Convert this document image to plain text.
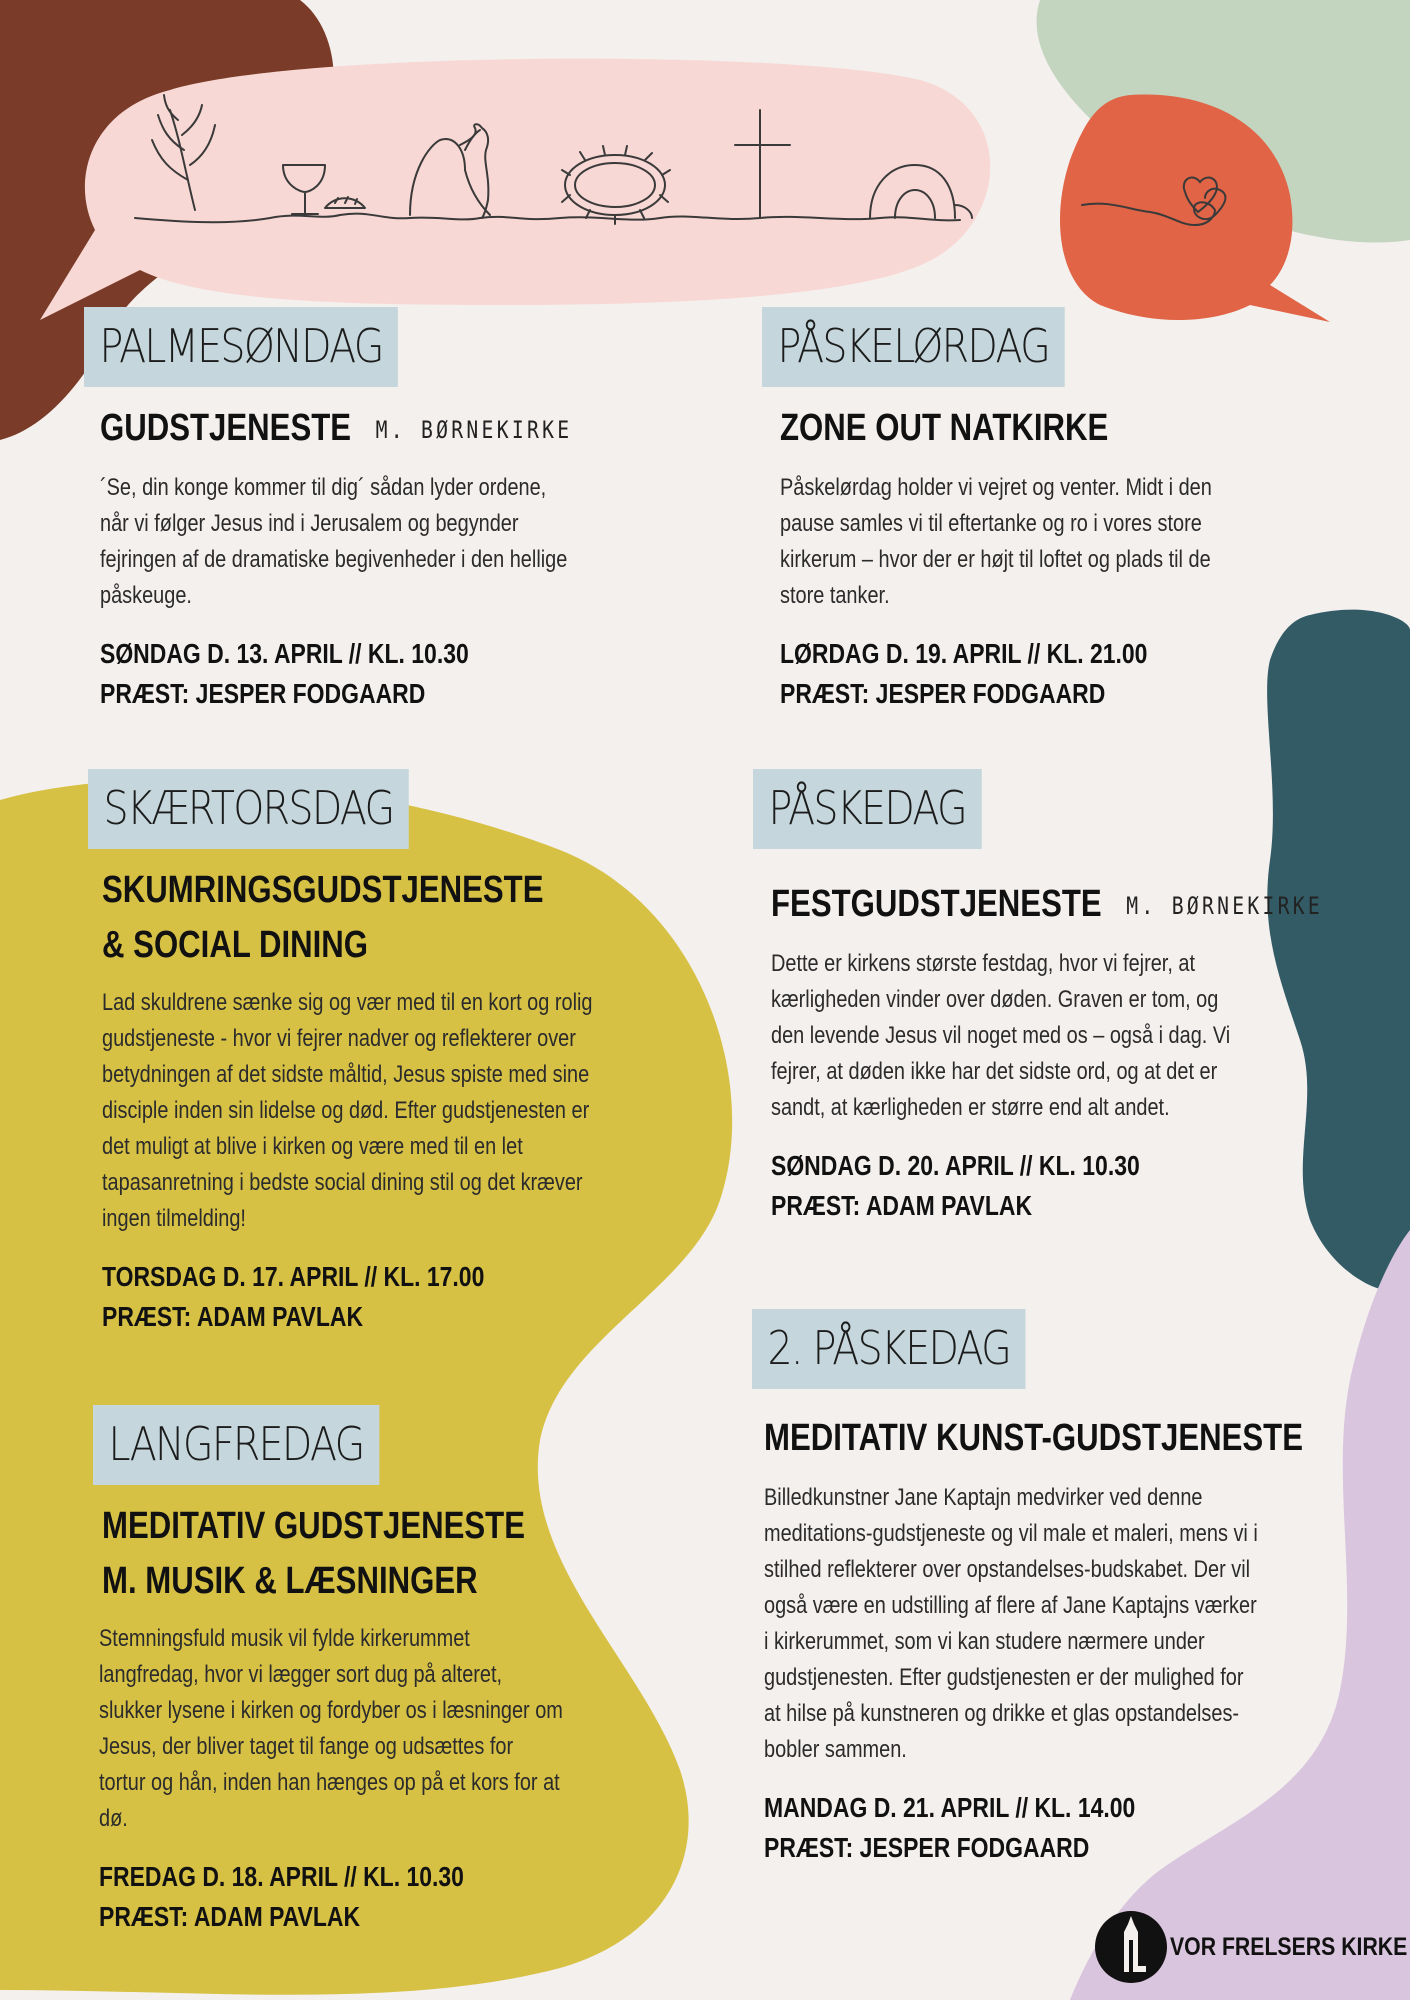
PALMESØNDAG
GUDSTJENESTE M. BØRNEKIRKE

´Se, din konge kommer til dig´ sådan lyder ordene, når vi følger Jesus ind i Jerusalem og begynder fejringen af de dramatiske begivenheder i den hellige påskeuge.

SØNDAG D. 13. APRIL // KL. 10.30
PRÆST: JESPER FODGAARD
PÅSKELØRDAG
ZONE OUT NATKIRKE

Påskelørdag holder vi vejret og venter. Midt i den pause samles vi til eftertanke og ro i vores store kirkerum – hvor der er højt til loftet og plads til de store tanker.

LØRDAG D. 19. APRIL // KL. 21.00
PRÆST: JESPER FODGAARD
SKÆRTORSDAG
SKUMRINGSGUDSTJENESTE
& SOCIAL DINING

Lad skuldrene sænke sig og vær med til en kort og rolig gudstjeneste - hvor vi fejrer nadver og reflekterer over betydningen af det sidste måltid, Jesus spiste med sine disciple inden sin lidelse og død. Efter gudstjenesten er det muligt at blive i kirken og være med til en let tapasanretning i bedste social dining stil og det kræver ingen tilmelding!

TORSDAG D. 17. APRIL // KL. 17.00
PRÆST: ADAM PAVLAK
PÅSKEDAG
FESTGUDSTJENESTE M. BØRNEKIRKE

Dette er kirkens største festdag, hvor vi fejrer, at kærligheden vinder over døden. Graven er tom, og den levende Jesus vil noget med os – også i dag. Vi fejrer, at døden ikke har det sidste ord, og at det er sandt, at kærligheden er større end alt andet.

SØNDAG D. 20. APRIL // KL. 10.30
PRÆST: ADAM PAVLAK
LANGFREDAG
MEDITATIV GUDSTJENESTE
M. MUSIK & LÆSNINGER

Stemningsfuld musik vil fylde kirkerummet langfredag, hvor vi lægger sort dug på alteret, slukker lysene i kirken og fordyber os i læsninger om Jesus, der bliver taget til fange og udsættes for tortur og hån, inden han hænges op på et kors for at dø.

FREDAG D. 18. APRIL // KL. 10.30
PRÆST: ADAM PAVLAK
2. PÅSKEDAG
MEDITATIV KUNST-GUDSTJENESTE

Billedkunstner Jane Kaptajn medvirker ved denne meditations-gudstjeneste og vil male et maleri, mens vi i stilhed reflekterer over opstandelses-budskabet. Der vil også være en udstilling af flere af Jane Kaptajns værker i kirkerummet, som vi kan studere nærmere under gudstjenesten. Efter gudstjenesten er der mulighed for at hilse på kunstneren og drikke et glas opstandelses-bobler sammen.

MANDAG D. 21. APRIL // KL. 14.00
PRÆST: JESPER FODGAARD
VOR FRELSERS KIRKE
